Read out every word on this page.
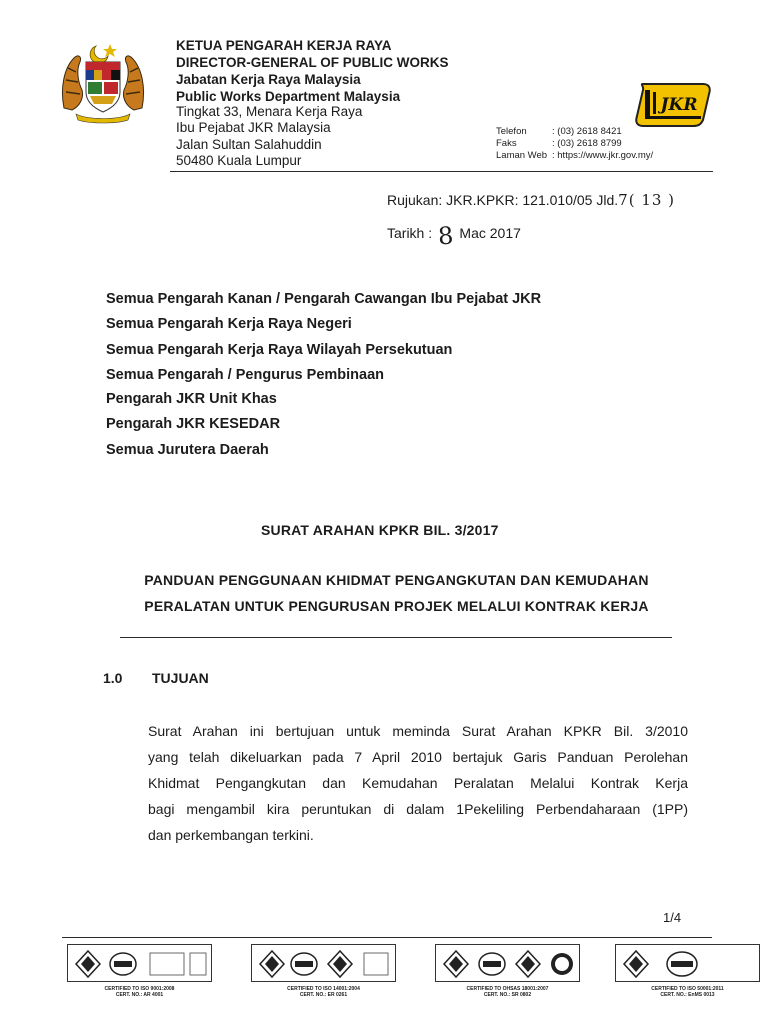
KETUA PENGARAH KERJA RAYA
DIRECTOR-GENERAL OF PUBLIC WORKS
Jabatan Kerja Raya Malaysia
Public Works Department Malaysia
Tingkat 33, Menara Kerja Raya
Ibu Pejabat JKR Malaysia
Jalan Sultan Salahuddin
50480 Kuala Lumpur
JKR
Telefon	: (03) 2618 8421
Faks	: (03) 2618 8799
Laman Web : https://www.jkr.gov.my/
Rujukan: JKR.KPKR: 121.010/05 Jld.7( 13 )
Tarikh : 8 Mac 2017
Semua Pengarah Kanan / Pengarah Cawangan Ibu Pejabat JKR
Semua Pengarah Kerja Raya Negeri
Semua Pengarah Kerja Raya Wilayah Persekutuan
Semua Pengarah / Pengurus Pembinaan
Pengarah JKR Unit Khas
Pengarah JKR KESEDAR
Semua Jurutera Daerah
SURAT ARAHAN KPKR BIL. 3/2017
PANDUAN PENGGUNAAN KHIDMAT PENGANGKUTAN DAN KEMUDAHAN
PERALATAN UNTUK PENGURUSAN PROJEK MELALUI KONTRAK KERJA
1.0 TUJUAN
Surat Arahan ini bertujuan untuk meminda Surat Arahan KPKR Bil. 3/2010
yang telah dikeluarkan pada 7 April 2010 bertajuk Garis Panduan Perolehan
Khidmat Pengangkutan dan Kemudahan Peralatan Melalui Kontrak Kerja
bagi mengambil kira peruntukan di dalam 1Pekeliling Perbendaharaan (1PP)
dan perkembangan terkini.
1/4
CERTIFIED TO ISO 9001:2008
CERT. NO.: AR 4001
CERTIFIED TO ISO 14001:2004
CERT. NO.: ER 0261
CERTIFIED TO OHSAS 18001:2007
CERT. NO.: SR 0802
CERTIFIED TO ISO 50001:2011
CERT. NO.: EnMS 0013
